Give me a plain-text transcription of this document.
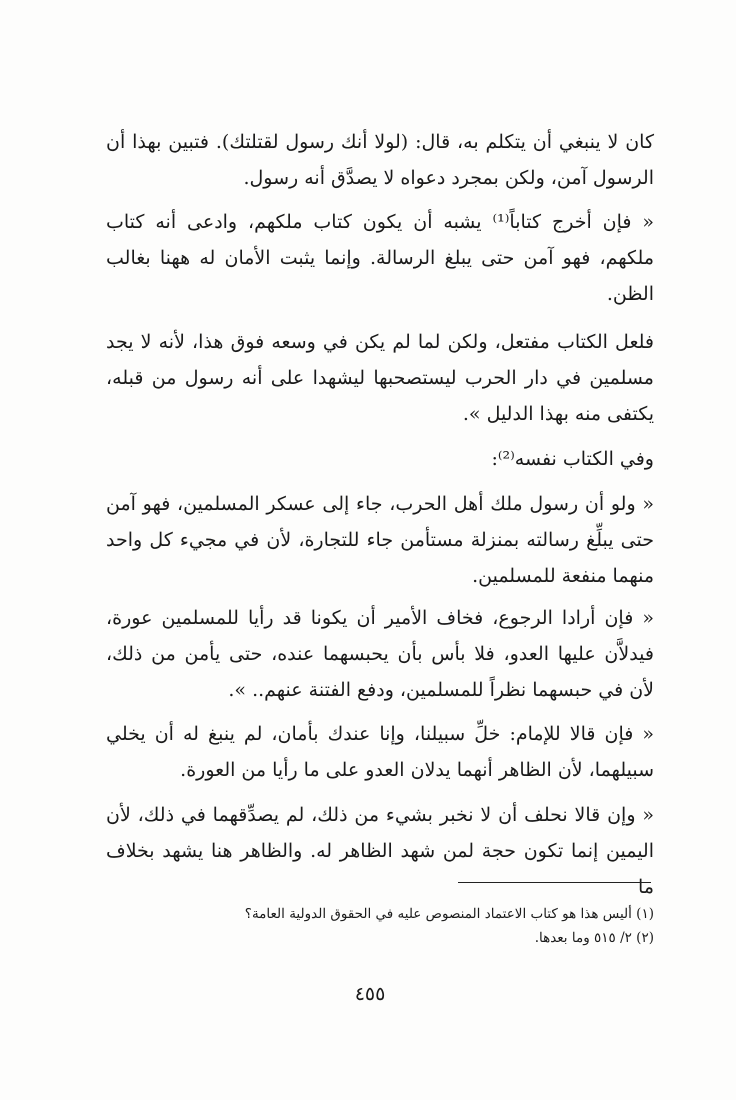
كان لا ينبغي أن يتكلم به، قال: (لولا أنك رسول لقتلتك). فتبين بهذا أن الرسول آمن، ولكن بمجرد دعواه لا يصدَّق أنه رسول.

« فإن أخرج كتاباً⁽¹⁾ يشبه أن يكون كتاب ملكهم، وادعى أنه كتاب ملكهم، فهو آمن حتى يبلغ الرسالة. وإنما يثبت الأمان له ههنا بغالب الظن.

فلعل الكتاب مفتعل، ولكن لما لم يكن في وسعه فوق هذا، لأنه لا يجد مسلمين في دار الحرب ليستصحبها ليشهدا على أنه رسول من قبله، يكتفى منه بهذا الدليل ».

وفي الكتاب نفسه⁽²⁾:

« ولو أن رسول ملك أهل الحرب، جاء إلى عسكر المسلمين، فهو آمن حتى يبلِّغ رسالته بمنزلة مستأمن جاء للتجارة، لأن في مجيء كل واحد منهما منفعة للمسلمين.

« فإن أرادا الرجوع، فخاف الأمير أن يكونا قد رأيا للمسلمين عورة، فيدلاَّن عليها العدو، فلا بأس بأن يحبسهما عنده، حتى يأمن من ذلك، لأن في حبسهما نظراً للمسلمين، ودفع الفتنة عنهم.. ».

« فإن قالا للإمام: خلِّ سبيلنا، وإنا عندك بأمان، لم ينبغ له أن يخلي سبيلهما، لأن الظاهر أنهما يدلان العدو على ما رأيا من العورة.

« وإن قالا نحلف أن لا نخبر بشيء من ذلك، لم يصدِّقهما في ذلك، لأن اليمين إنما تكون حجة لمن شهد الظاهر له. والظاهر هنا يشهد بخلاف ما

(١) أليس هذا هو كتاب الاعتماد المنصوص عليه في الحقوق الدولية العامة؟

(٢) ٢/ ٥١٥ وما بعدها.

٤٥٥
